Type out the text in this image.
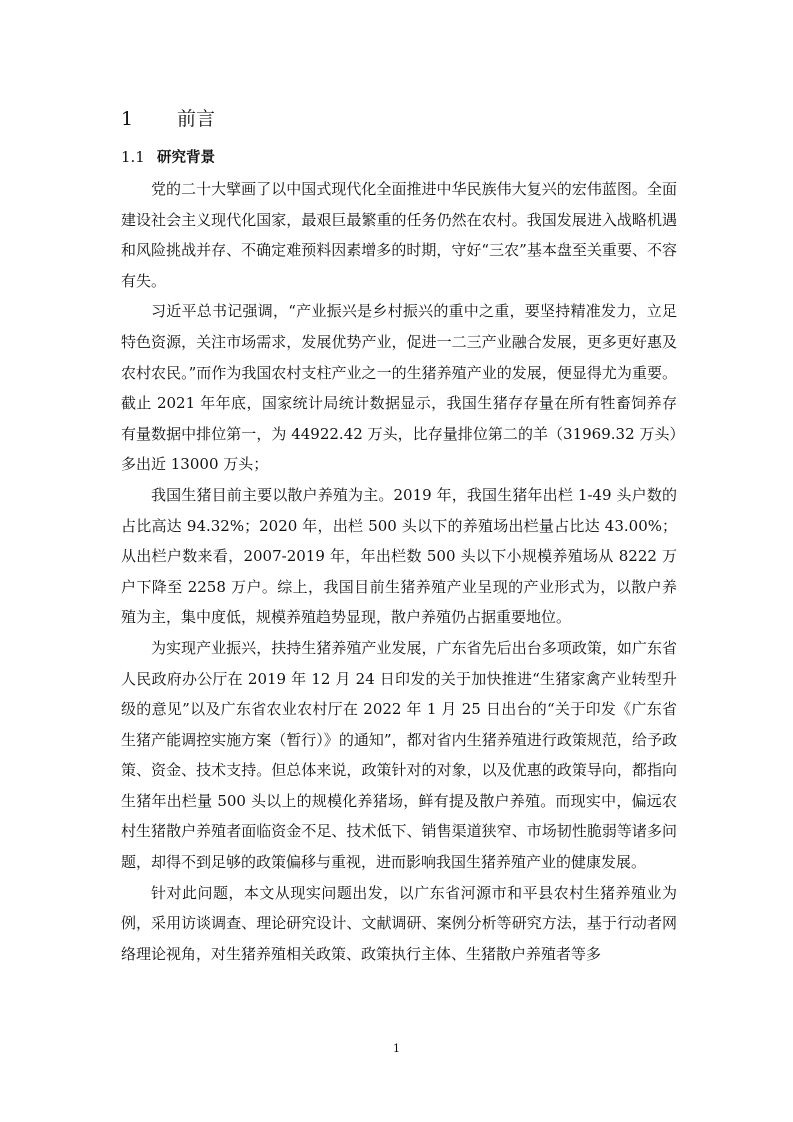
1	前言
1.1 研究背景

党的二十大擘画了以中国式现代化全面推进中华民族伟大复兴的宏伟蓝图。全面建设社会主义现代化国家，最艰巨最繁重的任务仍然在农村。我国发展进入战略机遇和风险挑战并存、不确定难预料因素增多的时期，守好“三农”基本盘至关重要、不容有失。

习近平总书记强调，“产业振兴是乡村振兴的重中之重，要坚持精准发力，立足特色资源，关注市场需求，发展优势产业，促进一二三产业融合发展，更多更好惠及农村农民。”而作为我国农村支柱产业之一的生猪养殖产业的发展，便显得尤为重要。截止 2021 年年底，国家统计局统计数据显示，我国生猪存存量在所有牲畜饲养存有量数据中排位第一，为 44922.42 万头，比存量排位第二的羊（31969.32 万头）多出近 13000 万头；

我国生猪目前主要以散户养殖为主。2019 年，我国生猪年出栏 1-49 头户数的占比高达 94.32%；2020 年，出栏 500 头以下的养殖场出栏量占比达 43.00%；从出栏户数来看，2007-2019 年，年出栏数 500 头以下小规模养殖场从 8222 万户下降至 2258 万户。综上，我国目前生猪养殖产业呈现的产业形式为，以散户养殖为主，集中度低，规模养殖趋势显现，散户养殖仍占据重要地位。

为实现产业振兴，扶持生猪养殖产业发展，广东省先后出台多项政策，如广东省人民政府办公厅在 2019 年 12 月 24 日印发的关于加快推进“生猪家禽产业转型升级的意见”以及广东省农业农村厅在 2022 年 1 月 25 日出台的“关于印发《广东省生猪产能调控实施方案（暂行）》的通知”，都对省内生猪养殖进行政策规范，给予政策、资金、技术支持。但总体来说，政策针对的对象，以及优惠的政策导向，都指向生猪年出栏量 500 头以上的规模化养猪场，鲜有提及散户养殖。而现实中，偏远农村生猪散户养殖者面临资金不足、技术低下、销售渠道狭窄、市场韧性脆弱等诸多问题，却得不到足够的政策偏移与重视，进而影响我国生猪养殖产业的健康发展。

针对此问题，本文从现实问题出发，以广东省河源市和平县农村生猪养殖业为例，采用访谈调查、理论研究设计、文献调研、案例分析等研究方法，基于行动者网络理论视角，对生猪养殖相关政策、政策执行主体、生猪散户养殖者等多

1
